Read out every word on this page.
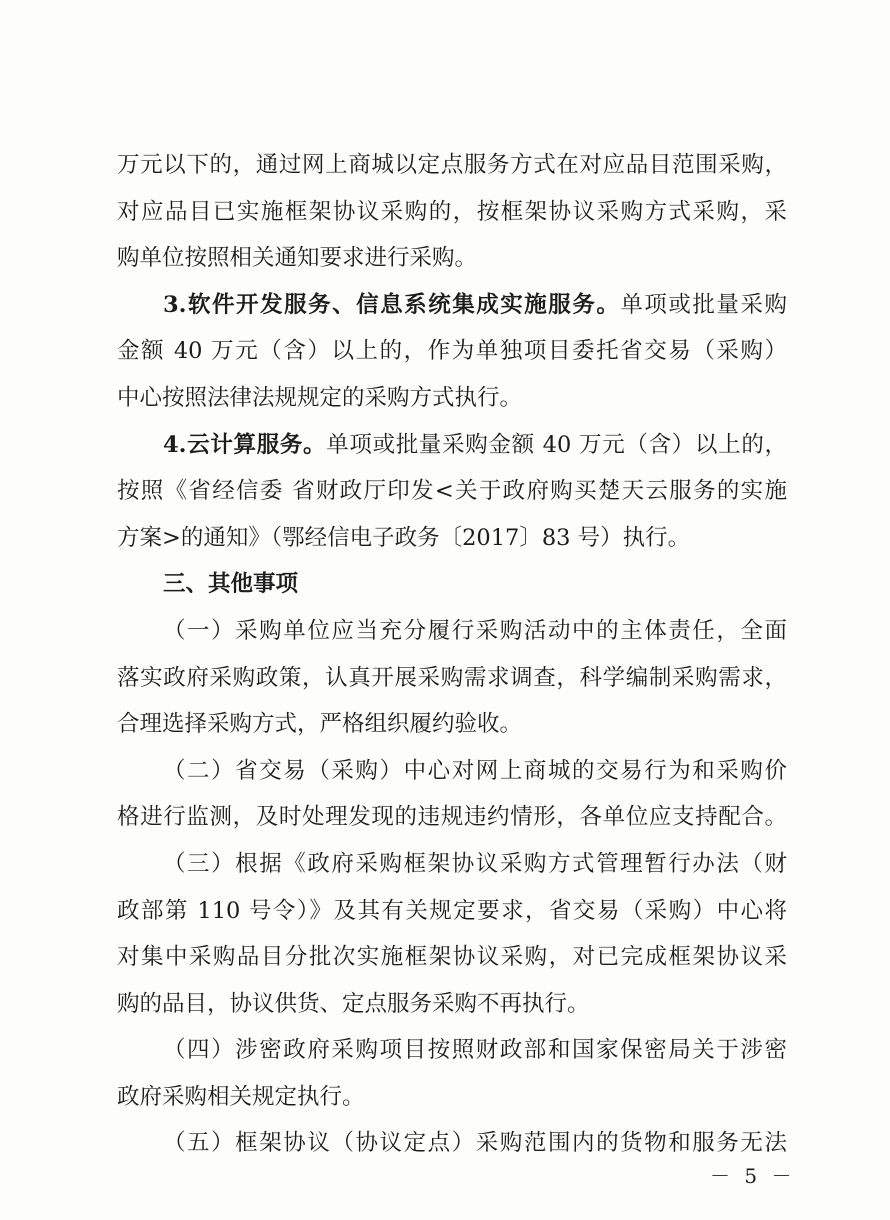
万元以下的，通过网上商城以定点服务方式在对应品目范围采购，
对应品目已实施框架协议采购的，按框架协议采购方式采购，采
购单位按照相关通知要求进行采购。
3.软件开发服务、信息系统集成实施服务。单项或批量采购
金额 40 万元（含）以上的，作为单独项目委托省交易（采购）
中心按照法律法规规定的采购方式执行。
4.云计算服务。单项或批量采购金额 40 万元（含）以上的，
按照《省经信委 省财政厅印发<关于政府购买楚天云服务的实施
方案>的通知》（鄂经信电子政务〔2017〕83 号）执行。
三、其他事项
（一）采购单位应当充分履行采购活动中的主体责任，全面
落实政府采购政策，认真开展采购需求调查，科学编制采购需求，
合理选择采购方式，严格组织履约验收。
（二）省交易（采购）中心对网上商城的交易行为和采购价
格进行监测，及时处理发现的违规违约情形，各单位应支持配合。
（三）根据《政府采购框架协议采购方式管理暂行办法（财
政部第 110 号令）》及其有关规定要求，省交易（采购）中心将
对集中采购品目分批次实施框架协议采购，对已完成框架协议采
购的品目，协议供货、定点服务采购不再执行。
（四）涉密政府采购项目按照财政部和国家保密局关于涉密
政府采购相关规定执行。
（五）框架协议（协议定点）采购范围内的货物和服务无法
－ 5 －
